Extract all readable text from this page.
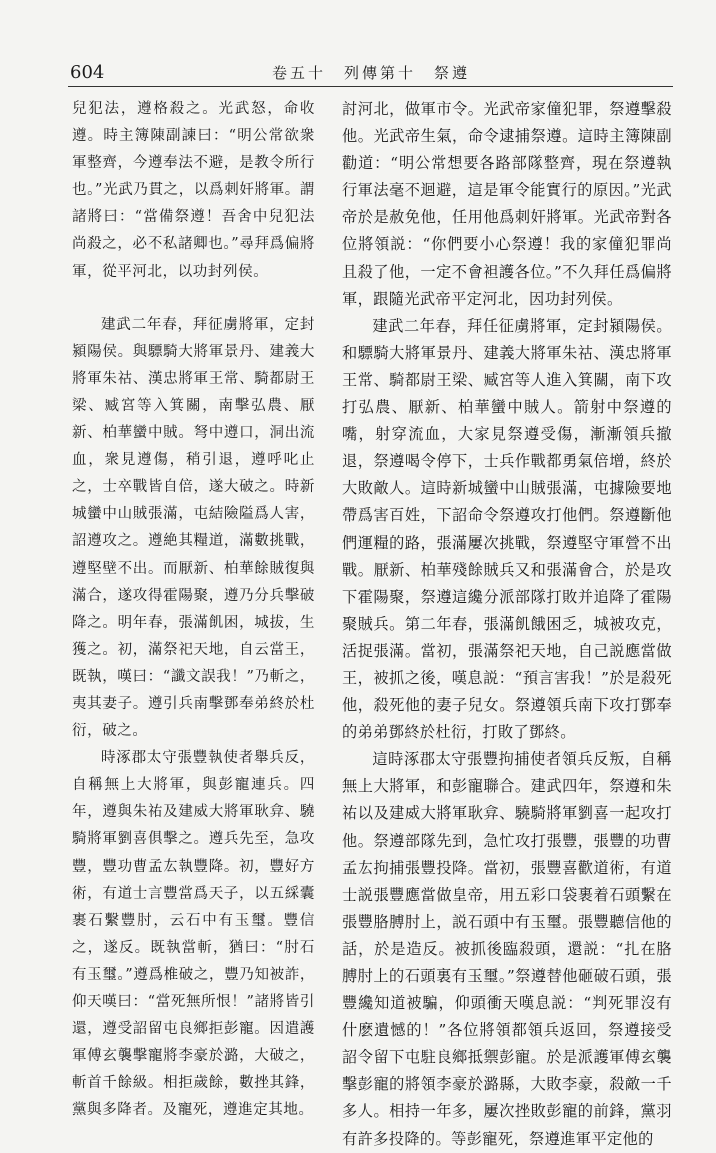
604	卷五十　列傳第十　祭遵

兒犯法，遵格殺之。光武怒，命收遵。時主簿陳副諫曰：“明公常欲衆軍整齊，今遵奉法不避，是教令所行也。”光武乃貫之，以爲刺奸將軍。謂諸將曰：“當備祭遵！吾舍中兒犯法尚殺之，必不私諸卿也。”尋拜爲偏將軍，從平河北，以功封列侯。

建武二年春，拜征虜將軍，定封潁陽侯。與驃騎大將軍景丹、建義大將軍朱祜、漢忠將軍王常、騎都尉王梁、臧宮等入箕關，南擊弘農、厭新、柏華蠻中賊。弩中遵口，洞出流血，衆見遵傷，稍引退，遵呼叱止之，士卒戰皆自倍，遂大破之。時新城蠻中山賊張滿，屯結險隘爲人害，詔遵攻之。遵絶其糧道，滿數挑戰，遵堅壁不出。而厭新、柏華餘賊復與滿合，遂攻得霍陽聚，遵乃分兵擊破降之。明年春，張滿飢困，城拔，生獲之。初，滿祭祀天地，自云當王，既執，嘆曰：“讖文誤我！”乃斬之，夷其妻子。遵引兵南擊鄧奉弟終於杜衍，破之。

時涿郡太守張豐執使者舉兵反，自稱無上大將軍，與彭寵連兵。四年，遵與朱祐及建威大將軍耿弇、驍騎將軍劉喜俱擊之。遵兵先至，急攻豐，豐功曹孟厷執豐降。初，豐好方術，有道士言豐當爲天子，以五綵囊裹石繫豐肘，云石中有玉璽。豐信之，遂反。既執當斬，猶曰：“肘石有玉璽。”遵爲椎破之，豐乃知被詐，仰天嘆曰：“當死無所恨！”諸將皆引還，遵受詔留屯良鄉拒彭寵。因遣護軍傅玄襲擊寵將李豪於潞，大破之，斬首千餘級。相拒歲餘，數挫其鋒，黨與多降者。及寵死，遵進定其地。

討河北，做軍市令。光武帝家僮犯罪，祭遵擊殺他。光武帝生氣，命令逮捕祭遵。這時主簿陳副勸道：“明公常想要各路部隊整齊，現在祭遵執行軍法毫不迴避，這是軍令能實行的原因。”光武帝於是赦免他，任用他爲刺奸將軍。光武帝對各位將領説：“你們要小心祭遵！我的家僮犯罪尚且殺了他，一定不會袒護各位。”不久拜任爲偏將軍，跟隨光武帝平定河北，因功封列侯。

建武二年春，拜任征虜將軍，定封潁陽侯。和驃騎大將軍景丹、建義大將軍朱祜、漢忠將軍王常、騎都尉王梁、臧宮等人進入箕關，南下攻打弘農、厭新、柏華蠻中賊人。箭射中祭遵的嘴，射穿流血，大家見祭遵受傷，漸漸領兵撤退，祭遵喝令停下，士兵作戰都勇氣倍增，終於大敗敵人。這時新城蠻中山賊張滿，屯據險要地帶爲害百姓，下詔命令祭遵攻打他們。祭遵斷他們運糧的路，張滿屢次挑戰，祭遵堅守軍營不出戰。厭新、柏華殘餘賊兵又和張滿會合，於是攻下霍陽聚，祭遵這纔分派部隊打敗并追降了霍陽聚賊兵。第二年春，張滿飢餓困乏，城被攻克，活捉張滿。當初，張滿祭祀天地，自己説應當做王，被抓之後，嘆息説：“預言害我！”於是殺死他，殺死他的妻子兒女。祭遵領兵南下攻打鄧奉的弟弟鄧終於杜衍，打敗了鄧終。

這時涿郡太守張豐拘捕使者領兵反叛，自稱無上大將軍，和彭寵聯合。建武四年，祭遵和朱祐以及建威大將軍耿弇、驍騎將軍劉喜一起攻打他。祭遵部隊先到，急忙攻打張豐，張豐的功曹孟厷拘捕張豐投降。當初，張豐喜歡道術，有道士説張豐應當做皇帝，用五彩口袋裹着石頭繫在張豐胳膊肘上，説石頭中有玉璽。張豐聽信他的話，於是造反。被抓後臨殺頭，還説：“扎在胳膊肘上的石頭裏有玉璽。”祭遵替他砸破石頭，張豐纔知道被騙，仰頭衝天嘆息説：“判死罪沒有什麽遺憾的！”各位將領都領兵返回，祭遵接受詔令留下屯駐良鄉抵禦彭寵。於是派護軍傅玄襲擊彭寵的將領李豪於潞縣，大敗李豪，殺敵一千多人。相持一年多，屢次挫敗彭寵的前鋒，黨羽有許多投降的。等彭寵死，祭遵進軍平定他的
